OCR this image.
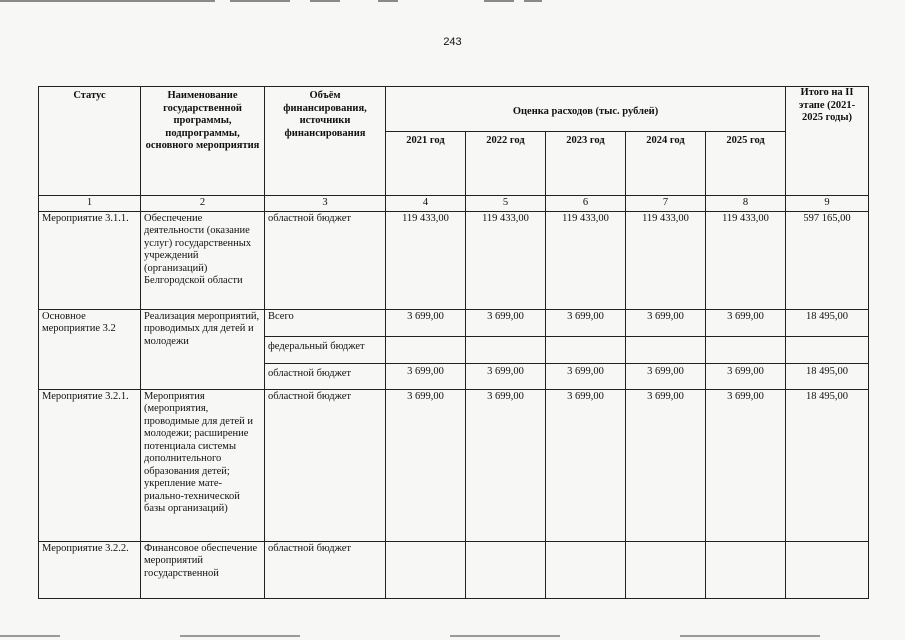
243
Статус	Наименование государственной программы, подпрограммы, основного мероприятия	Объём финансирования, источники финансирования	Оценка расходов (тыс. рублей)					Итого на II этапе (2021-2025 годы)
			2021 год	2022 год	2023 год	2024 год	2025 год	
1	2	3	4	5	6	7	8	9
Мероприятие 3.1.1.	Обеспечение деятельности (оказание услуг) государственных учреждений (организаций) Белгородской области	областной бюджет	119 433,00	119 433,00	119 433,00	119 433,00	119 433,00	597 165,00
Основное мероприятие 3.2	Реализация мероприятий, проводимых для детей и молодежи	Всего	3 699,00	3 699,00	3 699,00	3 699,00	3 699,00	18 495,00
		федеральный бюджет						
		областной бюджет	3 699,00	3 699,00	3 699,00	3 699,00	3 699,00	18 495,00
Мероприятие 3.2.1.	Мероприятия (мероприятия, проводимые для детей и молодежи; расширение потенциала системы дополнительного образования детей; укрепление мате- риально-технической базы организаций)	областной бюджет	3 699,00	3 699,00	3 699,00	3 699,00	3 699,00	18 495,00
Мероприятие 3.2.2.	Финансовое обеспечение мероприятий государственной	областной бюджет						
